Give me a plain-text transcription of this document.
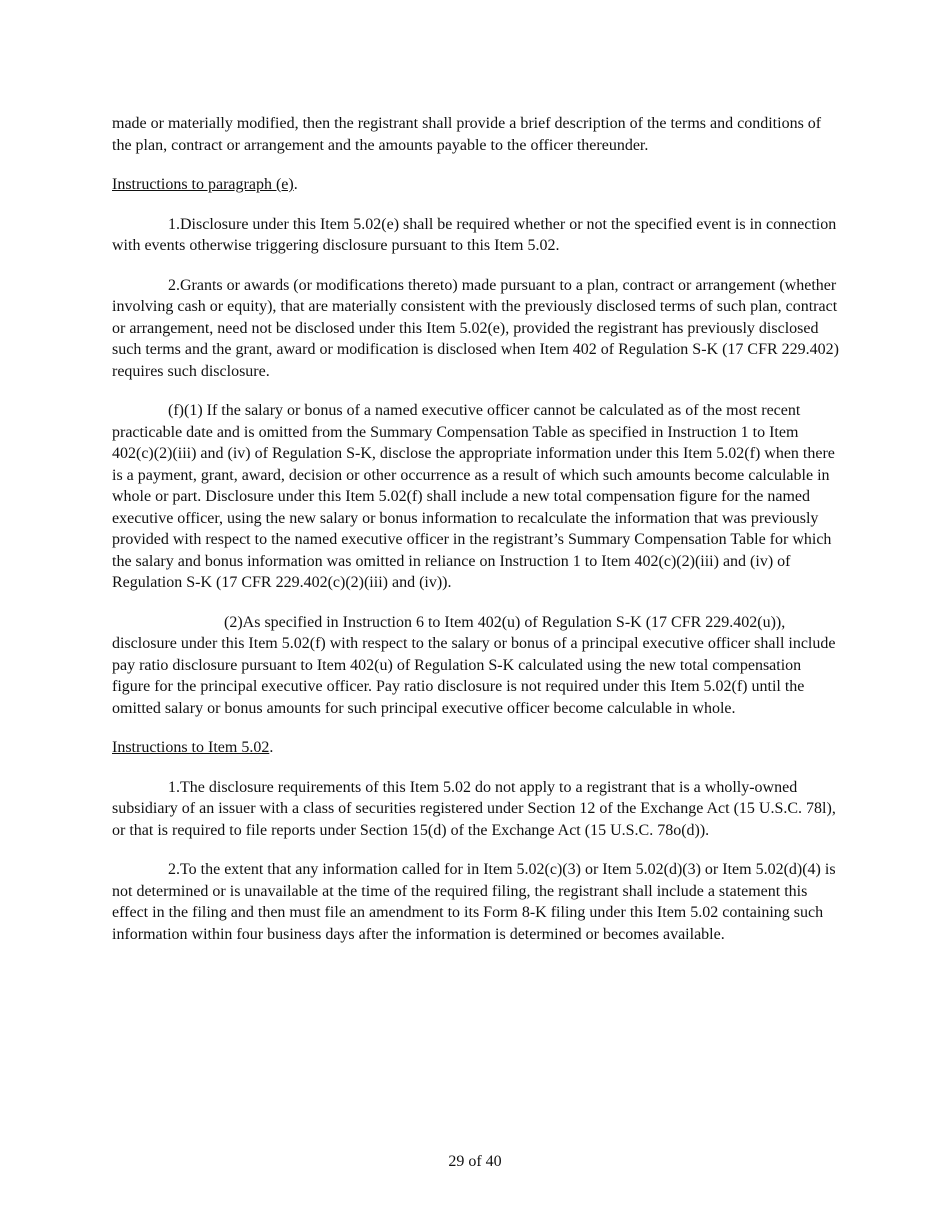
made or materially modified, then the registrant shall provide a brief description of the terms and conditions of the plan, contract or arrangement and the amounts payable to the officer thereunder.

Instructions to paragraph (e).

1.Disclosure under this Item 5.02(e) shall be required whether or not the specified event is in connection with events otherwise triggering disclosure pursuant to this Item 5.02.

2.Grants or awards (or modifications thereto) made pursuant to a plan, contract or arrangement (whether involving cash or equity), that are materially consistent with the previously disclosed terms of such plan, contract or arrangement, need not be disclosed under this Item 5.02(e), provided the registrant has previously disclosed such terms and the grant, award or modification is disclosed when Item 402 of Regulation S-K (17 CFR 229.402) requires such disclosure.

(f)(1) If the salary or bonus of a named executive officer cannot be calculated as of the most recent practicable date and is omitted from the Summary Compensation Table as specified in Instruction 1 to Item 402(c)(2)(iii) and (iv) of Regulation S-K, disclose the appropriate information under this Item 5.02(f) when there is a payment, grant, award, decision or other occurrence as a result of which such amounts become calculable in whole or part. Disclosure under this Item 5.02(f) shall include a new total compensation figure for the named executive officer, using the new salary or bonus information to recalculate the information that was previously provided with respect to the named executive officer in the registrant’s Summary Compensation Table for which the salary and bonus information was omitted in reliance on Instruction 1 to Item 402(c)(2)(iii) and (iv) of Regulation S-K (17 CFR 229.402(c)(2)(iii) and (iv)).

(2)As specified in Instruction 6 to Item 402(u) of Regulation S-K (17 CFR 229.402(u)), disclosure under this Item 5.02(f) with respect to the salary or bonus of a principal executive officer shall include pay ratio disclosure pursuant to Item 402(u) of Regulation S-K calculated using the new total compensation figure for the principal executive officer. Pay ratio disclosure is not required under this Item 5.02(f) until the omitted salary or bonus amounts for such principal executive officer become calculable in whole.

Instructions to Item 5.02.

1.The disclosure requirements of this Item 5.02 do not apply to a registrant that is a wholly-owned subsidiary of an issuer with a class of securities registered under Section 12 of the Exchange Act (15 U.S.C. 78l), or that is required to file reports under Section 15(d) of the Exchange Act (15 U.S.C. 78o(d)).

2.To the extent that any information called for in Item 5.02(c)(3) or Item 5.02(d)(3) or Item 5.02(d)(4) is not determined or is unavailable at the time of the required filing, the registrant shall include a statement this effect in the filing and then must file an amendment to its Form 8-K filing under this Item 5.02 containing such information within four business days after the information is determined or becomes available.

29 of 40
